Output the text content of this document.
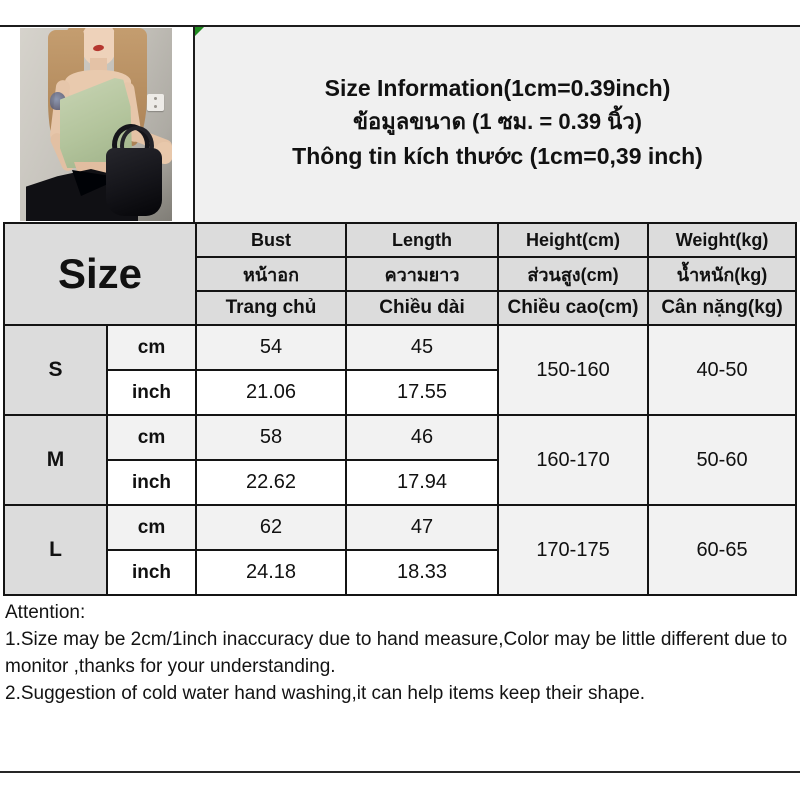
Size Information(1cm=0.39inch)
ข้อมูลขนาด (1 ซม. = 0.39 นิ้ว)
Thông tin kích thước (1cm=0,39 inch)
Size		Bust	Length	Height(cm)	Weight(kg)
		หน้าอก	ความยาว	ส่วนสูง(cm)	น้ำหนัก(kg)
		Trang chủ	Chiều dài	Chiều cao(cm)	Cân nặng(kg)
S	cm	54	45	150-160	40-50
	inch	21.06	17.55		
M	cm	58	46	160-170	50-60
	inch	22.62	17.94		
L	cm	62	47	170-175	60-65
	inch	24.18	18.33		
Attention:
1.Size may be 2cm/1inch inaccuracy due to hand measure,Color may be little different due to monitor ,thanks for your understanding.
2.Suggestion of cold water hand washing,it can help items keep their shape.
